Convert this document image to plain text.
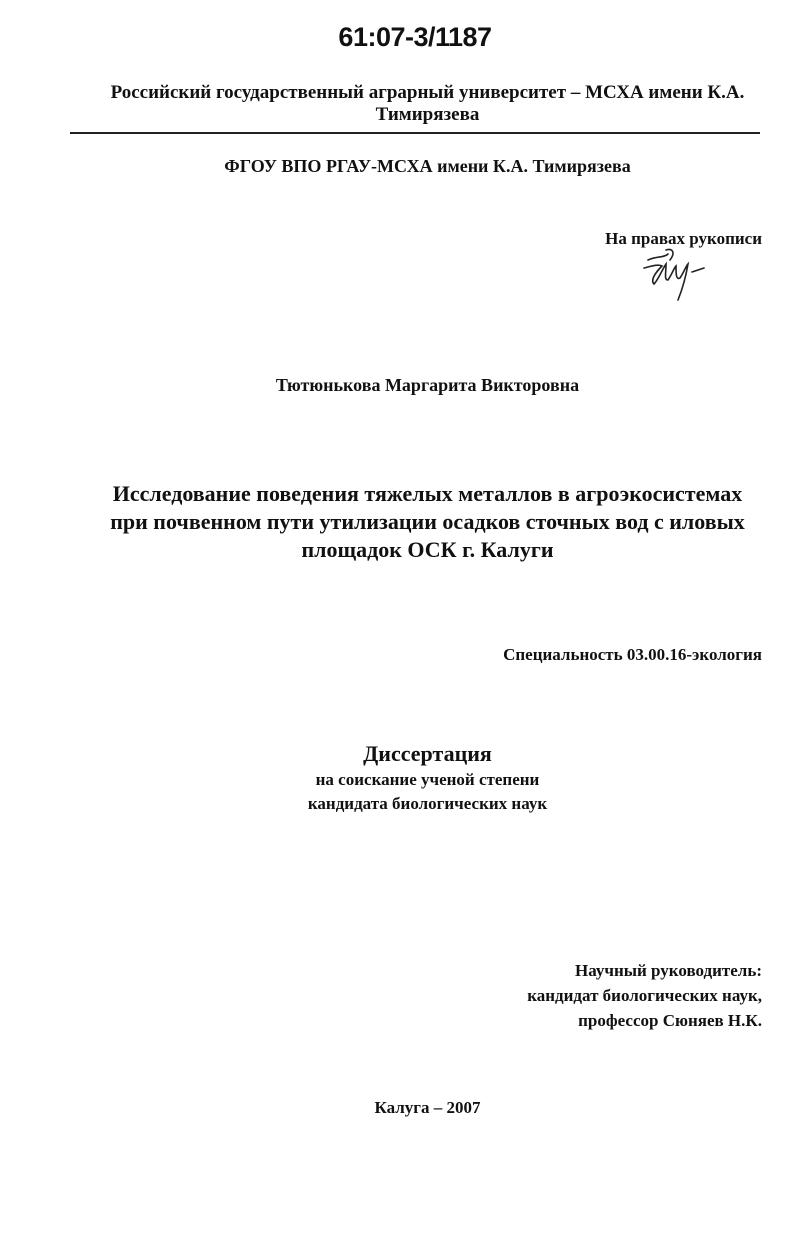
61:07-3/1187
Российский государственный аграрный университет – МСХА имени К.А.
Тимирязева
ФГОУ ВПО РГАУ-МСХА имени К.А. Тимирязева
На правах рукописи
Тютюнькова Маргарита Викторовна
Исследование поведения тяжелых металлов в агроэкосистемах
при почвенном пути утилизации осадков сточных вод с иловых
площадок ОСК г. Калуги
Специальность 03.00.16-экология
Диссертация
на соискание ученой степени
кандидата биологических наук
Научный руководитель:
кандидат биологических наук,
профессор Сюняев Н.К.
Калуга – 2007
